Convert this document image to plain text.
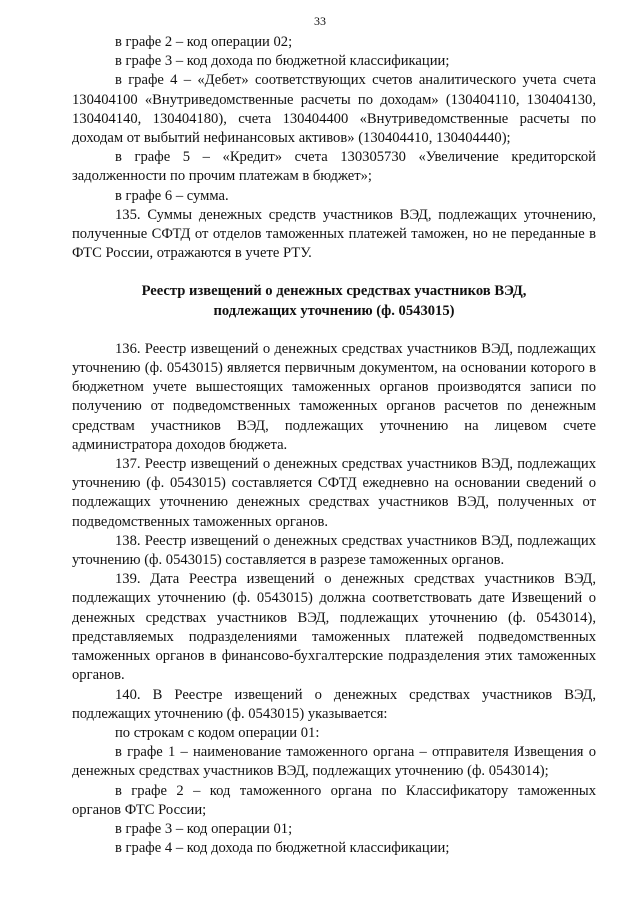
33

в графе 2 – код операции 02;

в графе 3 – код дохода по бюджетной классификации;

в графе 4 – «Дебет» соответствующих счетов аналитического учета счета 130404100 «Внутриведомственные расчеты по доходам» (130404110, 130404130, 130404140, 130404180), счета 130404400 «Внутриведомственные расчеты по доходам от выбытий нефинансовых активов» (130404410, 130404440);

в графе 5 – «Кредит» счета 130305730 «Увеличение кредиторской задолженности по прочим платежам в бюджет»;

в графе 6 – сумма.

135. Суммы денежных средств участников ВЭД, подлежащих уточнению, полученные СФТД от отделов таможенных платежей таможен, но не переданные в ФТС России, отражаются в учете РТУ.

Реестр извещений о денежных средствах участников ВЭД,
подлежащих уточнению (ф. 0543015)

136. Реестр извещений о денежных средствах участников ВЭД, подлежащих уточнению (ф. 0543015) является первичным документом, на основании которого в бюджетном учете вышестоящих таможенных органов производятся записи по получению от подведомственных таможенных органов расчетов по денежным средствам участников ВЭД, подлежащих уточнению на лицевом счете администратора доходов бюджета.

137. Реестр извещений о денежных средствах участников ВЭД, подлежащих уточнению (ф. 0543015) составляется СФТД ежедневно на основании сведений о подлежащих уточнению денежных средствах участников ВЭД, полученных от подведомственных таможенных органов.

138. Реестр извещений о денежных средствах участников ВЭД, подлежащих уточнению (ф. 0543015) составляется в разрезе таможенных органов.

139. Дата Реестра извещений о денежных средствах участников ВЭД, подлежащих уточнению (ф. 0543015) должна соответствовать дате Извещений о денежных средствах участников ВЭД, подлежащих уточнению (ф. 0543014), представляемых подразделениями таможенных платежей подведомственных таможенных органов в финансово-бухгалтерские подразделения этих таможенных органов.

140. В Реестре извещений о денежных средствах участников ВЭД, подлежащих уточнению (ф. 0543015) указывается:

по строкам с кодом операции 01:

в графе 1 – наименование таможенного органа – отправителя Извещения о денежных средствах участников ВЭД, подлежащих уточнению (ф. 0543014);

в графе 2 – код таможенного органа по Классификатору таможенных органов ФТС России;

в графе 3 – код операции 01;

в графе 4 – код дохода по бюджетной классификации;
